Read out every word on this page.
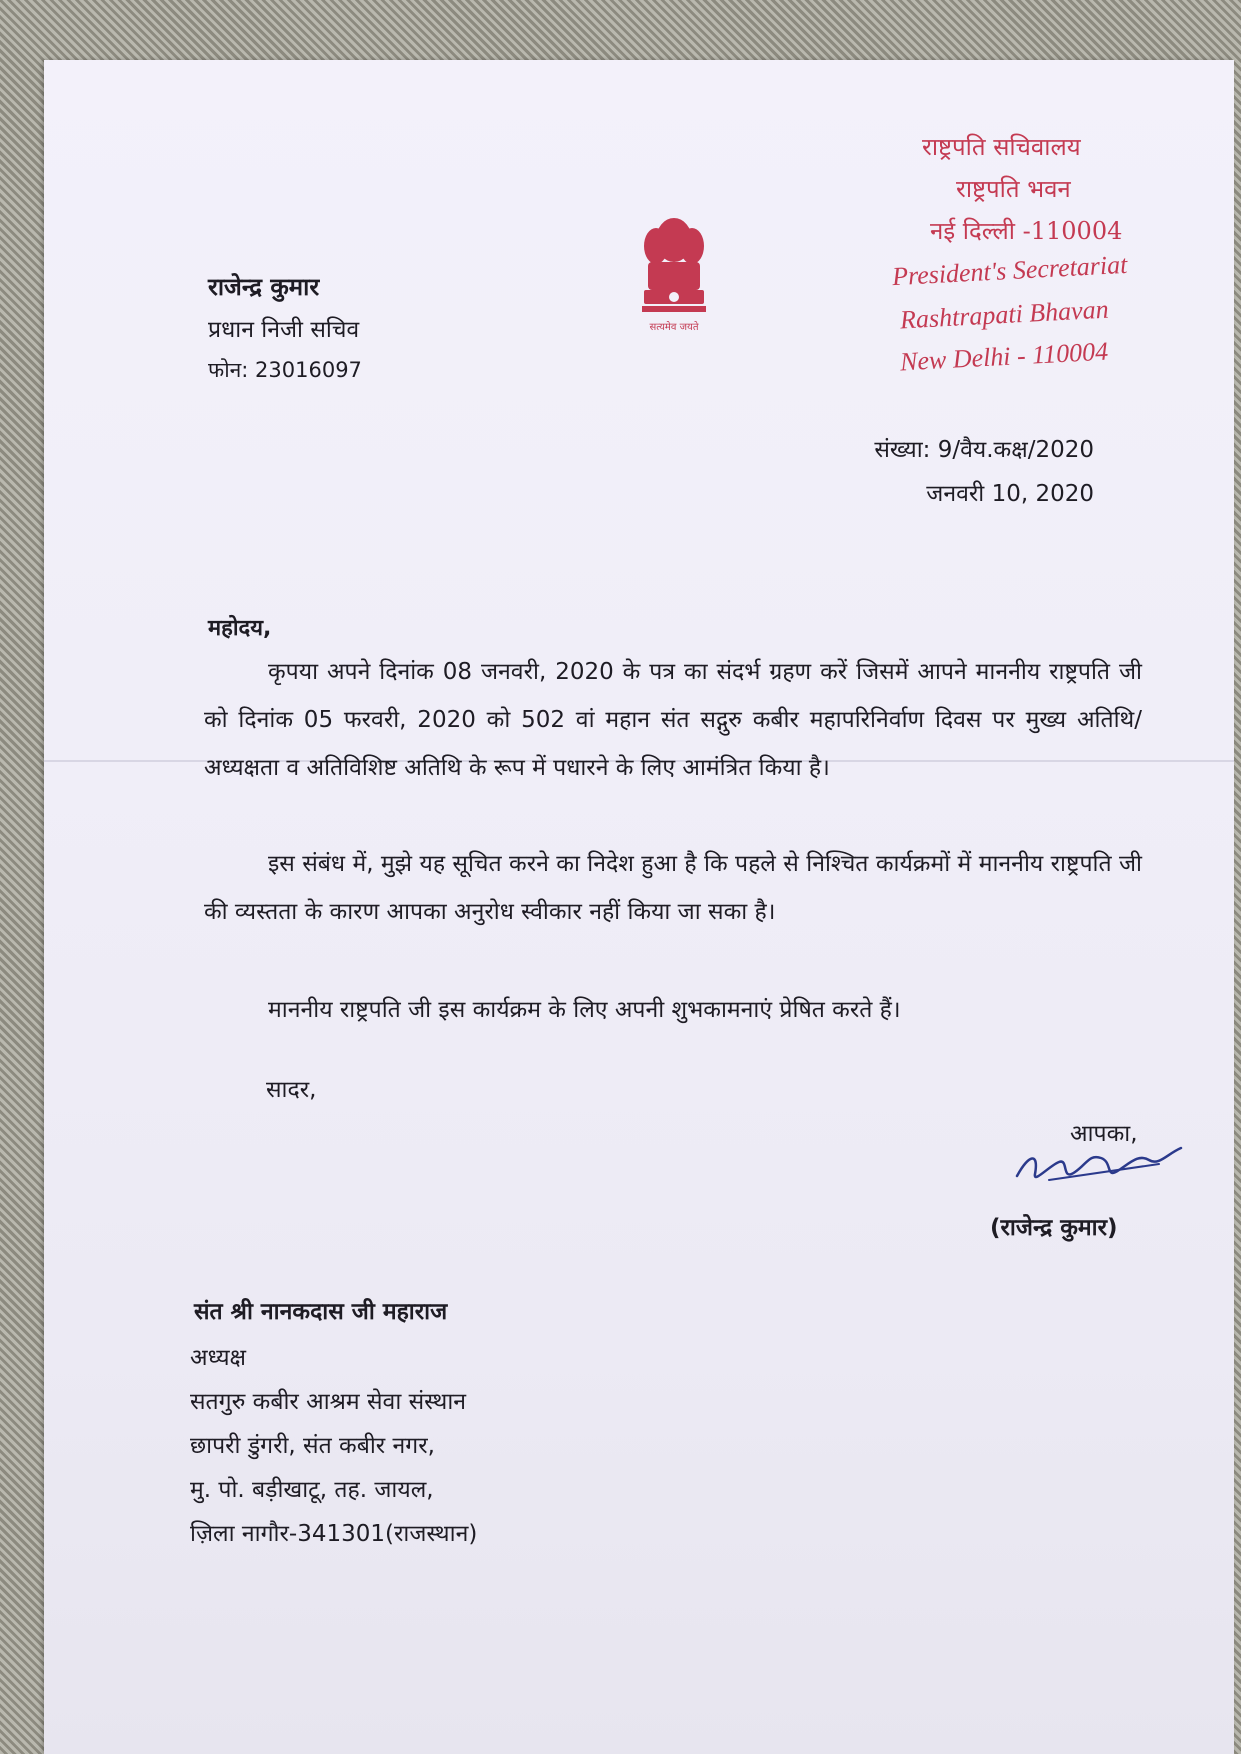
राजेन्द्र कुमार
प्रधान निजी सचिव
फोन: 23016097
सत्यमेव जयते
राष्ट्रपति सचिवालय
राष्ट्रपति भवन
नई दिल्ली -110004
President's Secretariat
Rashtrapati Bhavan
New Delhi - 110004
संख्या: 9/वैय.कक्ष/2020
जनवरी 10, 2020
महोदय,
कृपया अपने दिनांक 08 जनवरी, 2020 के पत्र का संदर्भ ग्रहण करें जिसमें आपने माननीय राष्ट्रपति जी को दिनांक 05 फरवरी, 2020 को 502 वां महान संत सद्गुरु कबीर महापरिनिर्वाण दिवस पर मुख्य अतिथि/अध्यक्षता व अतिविशिष्ट अतिथि के रूप में पधारने के लिए आमंत्रित किया है।
इस संबंध में, मुझे यह सूचित करने का निदेश हुआ है कि पहले से निश्चित कार्यक्रमों में माननीय राष्ट्रपति जी की व्यस्तता के कारण आपका अनुरोध स्वीकार नहीं किया जा सका है।
माननीय राष्ट्रपति जी इस कार्यक्रम के लिए अपनी शुभकामनाएं प्रेषित करते हैं।
सादर,
आपका,
(राजेन्द्र कुमार)
संत श्री नानकदास जी महाराज
अध्यक्ष
सतगुरु कबीर आश्रम सेवा संस्थान
छापरी डुंगरी, संत कबीर नगर,
मु. पो. बड़ीखाटू, तह. जायल,
ज़िला नागौर-341301(राजस्थान)
